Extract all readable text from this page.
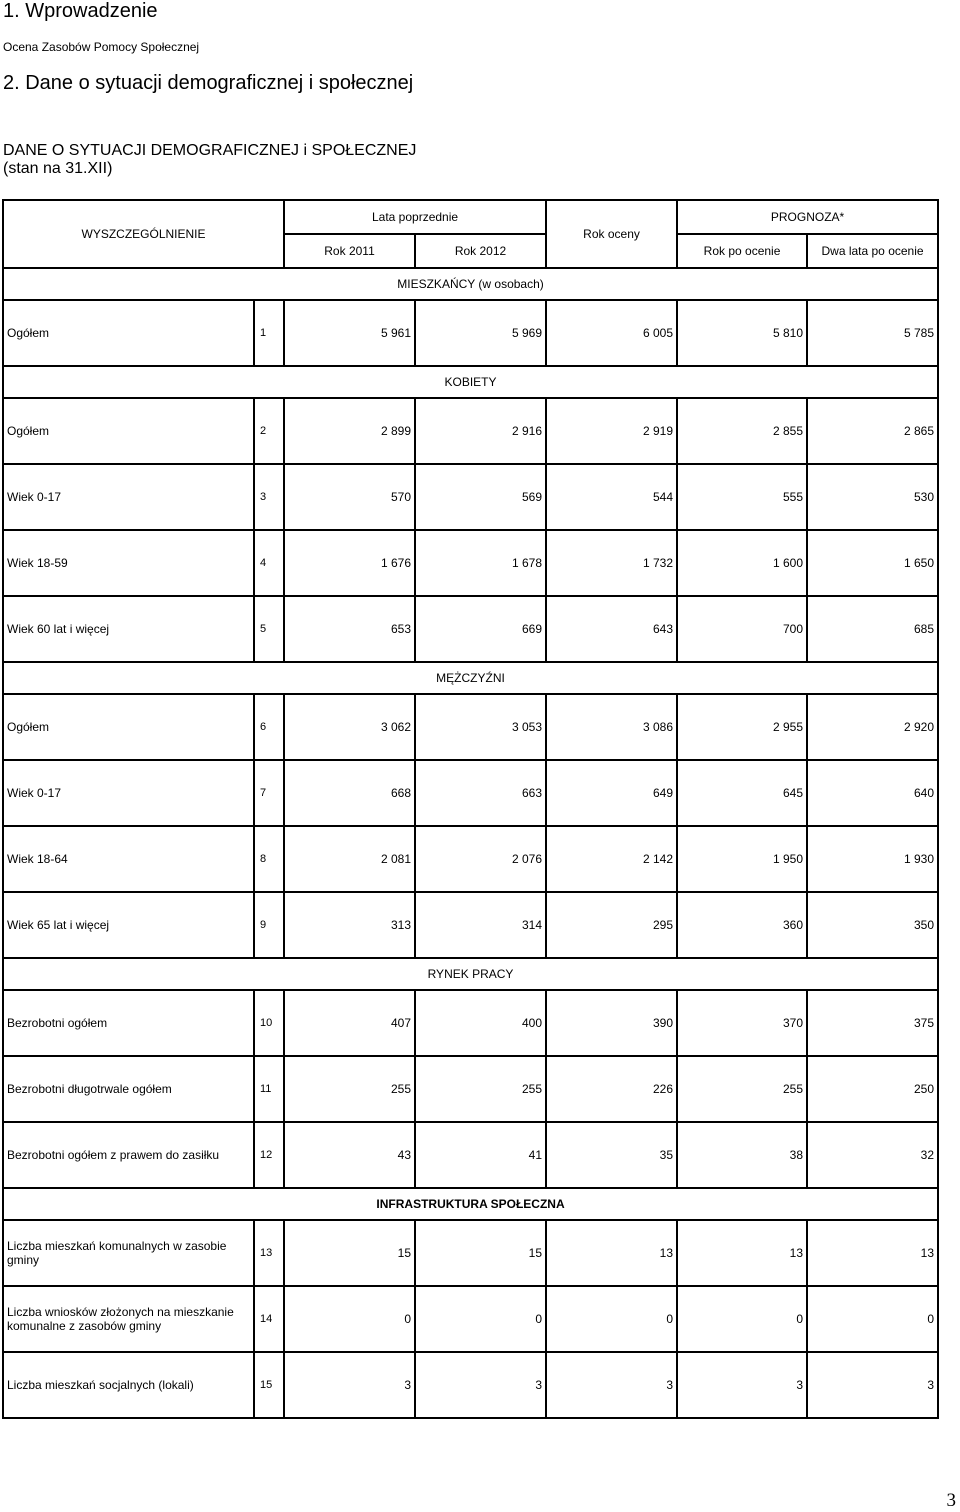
1. Wprowadzenie
Ocena Zasobów Pomocy Społecznej
2. Dane o sytuacji demograficznej i społecznej
DANE O SYTUACJI DEMOGRAFICZNEJ i SPOŁECZNEJ
(stan na 31.XII)
WYSZCZEGÓLNIENIE		Lata poprzednie		Rok oceny	PROGNOZA*	
		Rok 2011	Rok 2012		Rok po ocenie	Dwa lata po ocenie
MIESZKAŃCY (w osobach)						
Ogółem	1	5 961	5 969	6 005	5 810	5 785
KOBIETY						
Ogółem	2	2 899	2 916	2 919	2 855	2 865
Wiek 0-17	3	570	569	544	555	530
Wiek 18-59	4	1 676	1 678	1 732	1 600	1 650
Wiek 60 lat i więcej	5	653	669	643	700	685
MĘŻCZYŹNI						
Ogółem	6	3 062	3 053	3 086	2 955	2 920
Wiek 0-17	7	668	663	649	645	640
Wiek 18-64	8	2 081	2 076	2 142	1 950	1 930
Wiek 65 lat i więcej	9	313	314	295	360	350
RYNEK PRACY						
Bezrobotni ogółem	10	407	400	390	370	375
Bezrobotni długotrwale ogółem	11	255	255	226	255	250
Bezrobotni ogółem z prawem do zasiłku	12	43	41	35	38	32
INFRASTRUKTURA SPOŁECZNA						
Liczba mieszkań komunalnych w zasobie gminy	13	15	15	13	13	13
Liczba wniosków złożonych na mieszkanie komunalne z zasobów gminy	14	0	0	0	0	0
Liczba mieszkań socjalnych (lokali)	15	3	3	3	3	3
3
